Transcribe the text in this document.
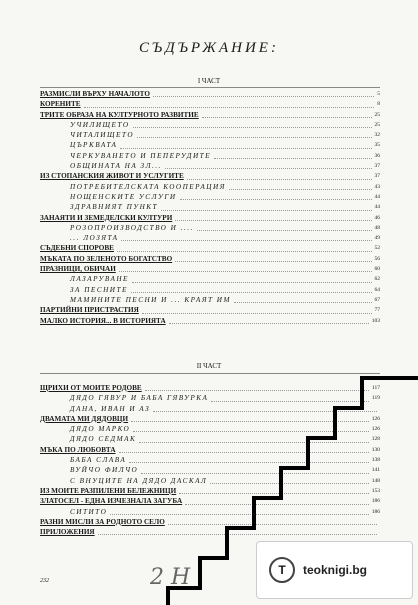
СЪДЪРЖАНИЕ:
I ЧАСТ
РАЗМИСЛИ ВЪРХУ НАЧАЛОТО	5
КОРЕНИТЕ	8
ТРИТЕ ОБРАЗА НА КУЛТУРНОТО РАЗВИТИЕ	25
УЧИЛИЩЕТО	25
ЧИТАЛИЩЕТО	32
ЦЪРКВАТА	35
ЧЕРКУВАНЕТО И ПЕПЕРУДИТЕ	36
ОБЩИНАТА НА ЗЛ...	37
ИЗ СТОПАНСКИЯ ЖИВОТ И УСЛУГИТЕ	37
ПОТРЕБИТЕЛСКАТА КООПЕРАЦИЯ	43
НОЩЕНСКИТЕ УСЛУГИ	44
ЗДРАВНИЯТ ПУНКТ	44
ЗАНАЯТИ И ЗЕМЕДЕЛСКИ КУЛТУРИ	46
РОЗОПРОИЗВОДСТВО И ....	48
... ЛОЗЯТА	49
СЪДЕБНИ СПОРОВЕ	52
МЪКАТА ПО ЗЕЛЕНОТО БОГАТСТВО	56
ПРАЗНИЦИ, ОБИЧАИ	60
ЛАЗАРУВАНЕ	62
ЗА ПЕСНИТЕ	64
МАМИНИТЕ ПЕСНИ И ... КРАЯТ ИМ	67
ПАРТИЙНИ ПРИСТРАСТИЯ	77
МАЛКО ИСТОРИЯ... В ИСТОРИЯТА	103
II ЧАСТ
ЩРИХИ ОТ МОИТЕ РОДОВЕ	117
ДЯДО ГЯВУР И БАБА ГЯВУРКА	119
ДАНА, ИВАН И АЗ
ДВАМАТА МИ ДЯДОВЦИ	126
ДЯДО МАРКО	126
ДЯДО СЕДМАК	128
МЪКА ПО ЛЮБОВТА	130
БАБА СЛАВА	138
ВУЙЧО ФИЛЧО	141
С ВНУЦИТЕ НА ДЯДО ДАСКАЛ	148
ИЗ МОИТЕ РАЗПИЛЕНИ БЕЛЕЖНИЦИ	153
ЗЛАТОСЕЛ - ЕДНА ИЗЧЕЗНАЛА ЗАГУБА	186
СИТИТО	186
РАЗНИ МИСЛИ ЗА РОДНОТО СЕЛО
ПРИЛОЖЕНИЯ
232	2 Н	T	teoknigi.bg
